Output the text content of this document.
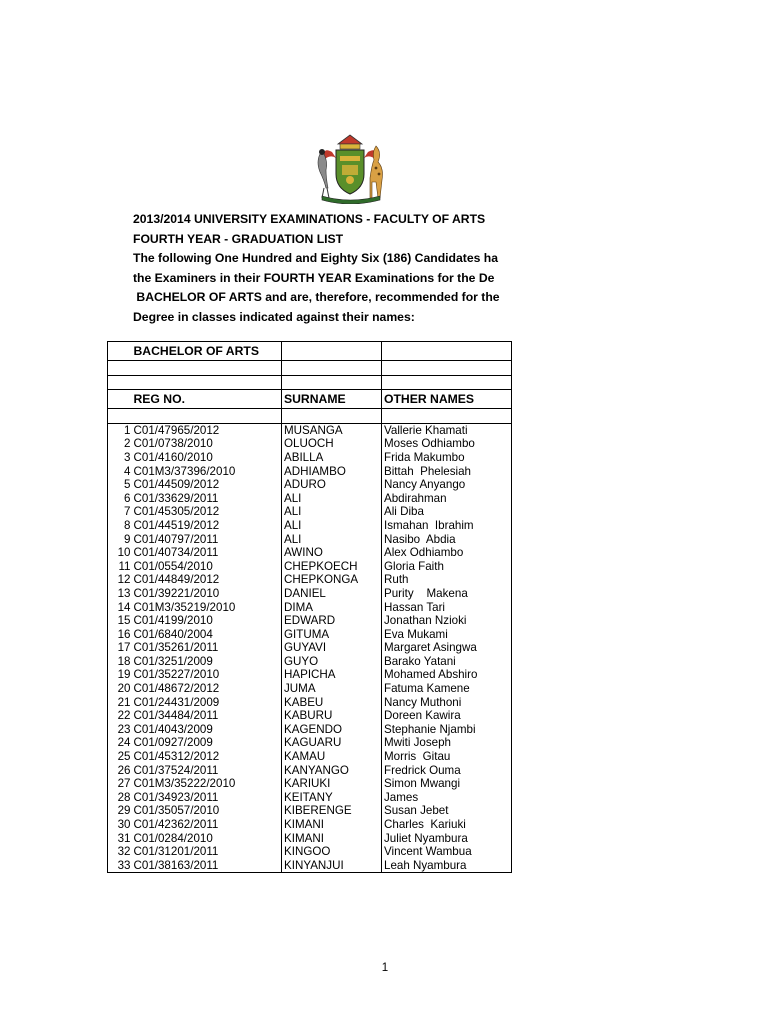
2013/2014 UNIVERSITY EXAMINATIONS - FACULTY OF ARTS
FOURTH YEAR - GRADUATION LIST
The following One Hundred and Eighty Six (186) Candidates ha
the Examiners in their FOURTH YEAR Examinations for the De
BACHELOR OF ARTS and are, therefore, recommended for the
Degree in classes indicated against their names:
	BACHELOR OF ARTS		

	REG NO.	SURNAME	OTHER NAMES

1	C01/47965/2012	MUSANGA	Vallerie Khamati
2	C01/0738/2010	OLUOCH	Moses Odhiambo
3	C01/4160/2010	ABILLA	Frida Makumbo
4	C01M3/37396/2010	ADHIAMBO	Bittah  Phelesiah
5	C01/44509/2012	ADURO	Nancy Anyango
6	C01/33629/2011	ALI	Abdirahman
7	C01/45305/2012	ALI	Ali Diba
8	C01/44519/2012	ALI	Ismahan  Ibrahim
9	C01/40797/2011	ALI	Nasibo  Abdia
10	C01/40734/2011	AWINO	Alex Odhiambo
11	C01/0554/2010	CHEPKOECH	Gloria Faith
12	C01/44849/2012	CHEPKONGA	Ruth
13	C01/39221/2010	DANIEL	Purity    Makena
14	C01M3/35219/2010	DIMA	Hassan Tari
15	C01/4199/2010	EDWARD	Jonathan Nzioki
16	C01/6840/2004	GITUMA	Eva Mukami
17	C01/35261/2011	GUYAVI	Margaret Asingwa
18	C01/3251/2009	GUYO	Barako Yatani
19	C01/35227/2010	HAPICHA	Mohamed Abshiro
20	C01/48672/2012	JUMA	Fatuma Kamene
21	C01/24431/2009	KABEU	Nancy Muthoni
22	C01/34484/2011	KABURU	Doreen Kawira
23	C01/4043/2009	KAGENDO	Stephanie Njambi
24	C01/0927/2009	KAGUARU	Mwiti Joseph
25	C01/45312/2012	KAMAU	Morris  Gitau
26	C01/37524/2011	KANYANGO	Fredrick Ouma
27	C01M3/35222/2010	KARIUKI	Simon Mwangi
28	C01/34923/2011	KEITANY	James
29	C01/35057/2010	KIBERENGE	Susan Jebet
30	C01/42362/2011	KIMANI	Charles  Kariuki
31	C01/0284/2010	KIMANI	Juliet Nyambura
32	C01/31201/2011	KINGOO	Vincent Wambua
33	C01/38163/2011	KINYANJUI	Leah Nyambura
1
